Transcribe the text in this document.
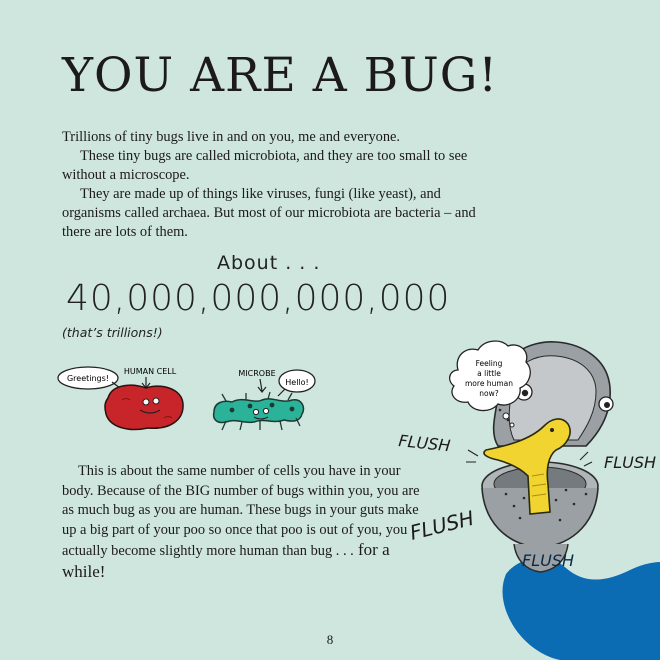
YOU ARE A BUG!

Trillions of tiny bugs live in and on you, me and everyone.

These tiny bugs are called microbiota, and they are too small to see without a microscope.

They are made up of things like viruses, fungi (like yeast), and organisms called archaea. But most of our microbiota are bacteria – and there are lots of them.

About . . .
40,000,000,000,000
(that’s trillions!)
Greetings!
HUMAN CELL	MICROBE
Hello!
Feeling
a little
more human
now?
FLUSH
FLUSH
FLUSH
FLUSH
This is about the same number of cells you have in your body. Because of the BIG number of bugs within you, you are as much bug as you are human. These bugs in your guts make up a big part of your poo so once that poo is out of you, you actually become slightly more human than bug . . . for a while!
8
